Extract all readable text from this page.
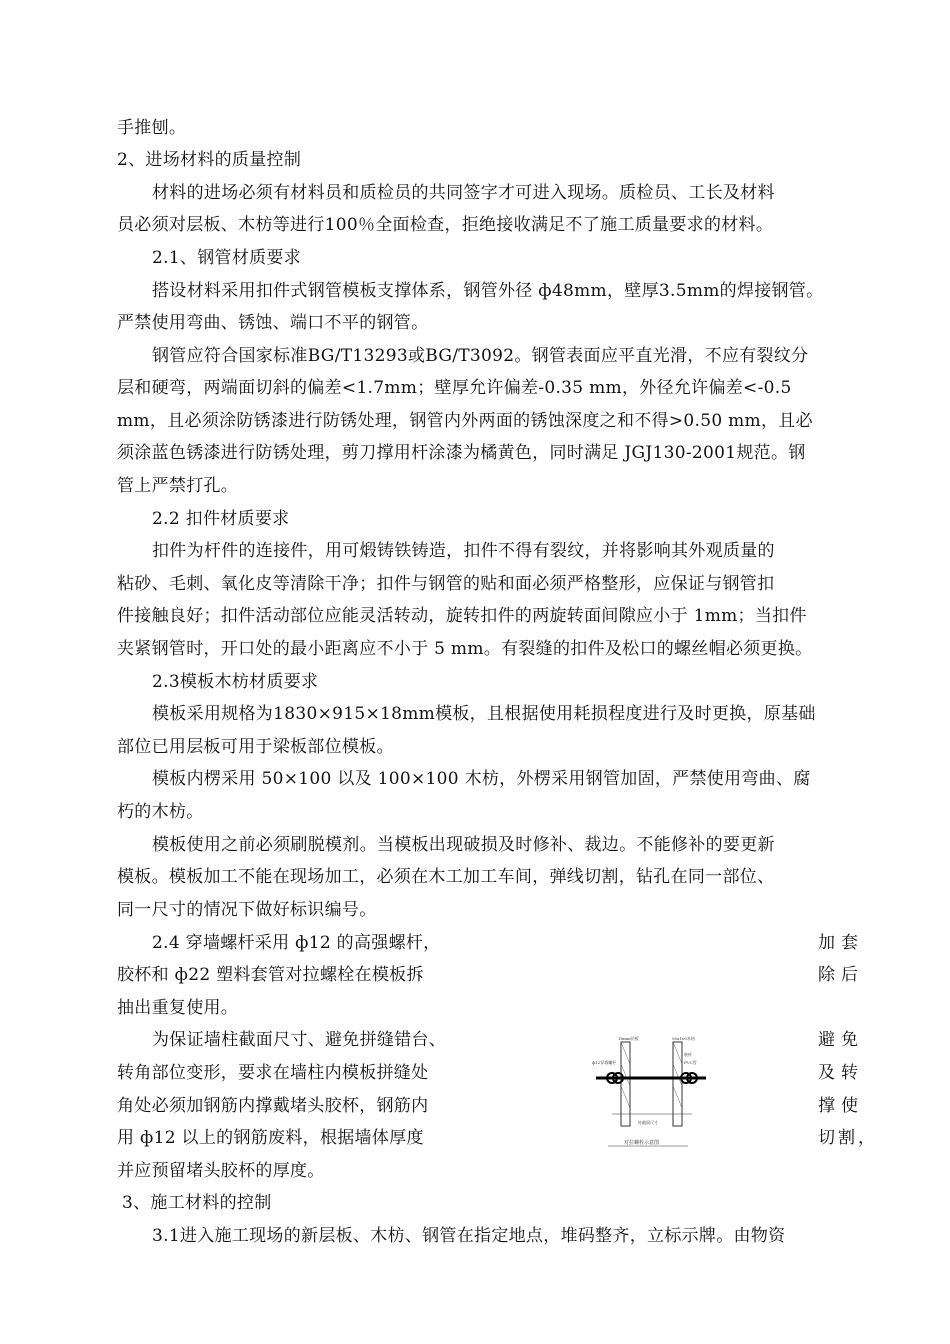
手推刨。
2、进场材料的质量控制
材料的进场必须有材料员和质检员的共同签字才可进入现场。质检员、工长及材料
员必须对层板、木枋等进行100％全面检查，拒绝接收满足不了施工质量要求的材料。
2.1、钢管材质要求
搭设材料采用扣件式钢管模板支撑体系，钢管外径 ф48mm，壁厚3.5mm的焊接钢管。
严禁使用弯曲、锈蚀、端口不平的钢管。
钢管应符合国家标准BG/T13293或BG/T3092。钢管表面应平直光滑，不应有裂纹分
层和硬弯，两端面切斜的偏差<1.7mm；壁厚允许偏差-0.35 mm，外径允许偏差<-0.5
mm，且必须涂防锈漆进行防锈处理，钢管内外两面的锈蚀深度之和不得>0.50 mm，且必
须涂蓝色锈漆进行防锈处理，剪刀撑用杆涂漆为橘黄色，同时满足 JGJ130-2001规范。钢
管上严禁打孔。
2.2 扣件材质要求
扣件为杆件的连接件，用可煅铸铁铸造，扣件不得有裂纹，并将影响其外观质量的
粘砂、毛刺、氧化皮等清除干净；扣件与钢管的贴和面必须严格整形，应保证与钢管扣
件接触良好；扣件活动部位应能灵活转动，旋转扣件的两旋转面间隙应小于 1mm；当扣件
夹紧钢管时，开口处的最小距离应不小于 5 mm。有裂缝的扣件及松口的螺丝帽必须更换。
2.3模板木枋材质要求
模板采用规格为1830×915×18mm模板，且根据使用耗损程度进行及时更换，原基础
部位已用层板可用于梁板部位模板。
模板内楞采用 50×100 以及 100×100 木枋，外楞采用钢管加固，严禁使用弯曲、腐
朽的木枋。
模板使用之前必须刷脱模剂。当模板出现破损及时修补、裁边。不能修补的要更新
模板。模板加工不能在现场加工，必须在木工加工车间，弹线切割，钻孔在同一部位、
同一尺寸的情况下做好标识编号。
2.4 穿墙螺杆采用 ф12 的高强螺杆，
胶杯和 ф22 塑料套管对拉螺栓在模板拆
抽出重复使用。
为保证墙柱截面尺寸、避免拼缝错台、
转角部位变形，要求在墙柱内模板拼缝处
角处必须加钢筋内撑戴堵头胶杯，钢筋内
用 ф12 以上的钢筋废料，根据墙体厚度
并应预留堵头胶杯的厚度。
3、施工材料的控制
3.1进入施工现场的新层板、木枋、钢管在指定地点，堆码整齐，立标示牌。由物资
加套
除后
避免
及转
撑使
切割，
18mm层板	50x100木枋
ф12穿墙螺杆
胶杯
PVC管
柱截面尺寸
对拉螺栓示意图
